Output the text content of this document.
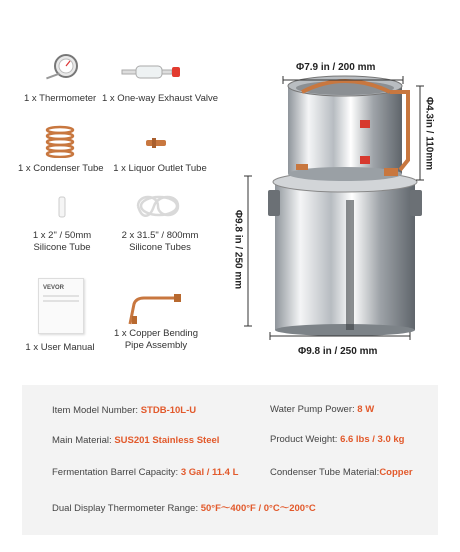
1 x Thermometer 1 x One-way Exhaust Valve
1 x Condenser Tube	1 x Liquor Outlet Tube
1 x 2" / 50mm
Silicone Tube
2 x 31.5" / 800mm
Silicone Tubes
VEVOR
1 x User Manual
1 x Copper Bending
Pipe Assembly
Φ7.9 in / 200 mm
Φ4.3in / 110mm
Φ9.8 in / 250 mm
Φ9.8 in / 250 mm
Item Model Number: STDB-10L-U	Water Pump Power: 8 W
Main Material: SUS201 Stainless Steel	Product Weight: 6.6 lbs / 3.0 kg
Fermentation Barrel Capacity: 3 Gal / 11.4 L	Condenser Tube Material:Copper
Dual Display Thermometer Range: 50°F～400°F / 0°C～200°C
